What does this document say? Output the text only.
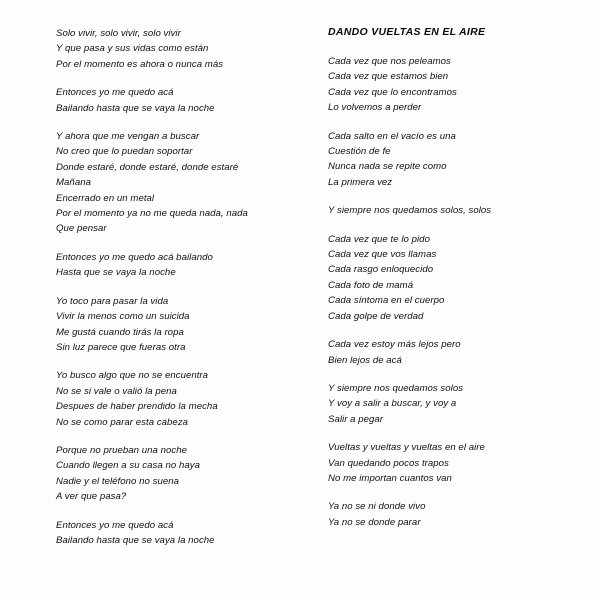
Solo vivir, solo vivir, solo vivir
Y que pasa y sus vidas como están
Por el momento es ahora o nunca más
Entonces yo me quedo acá
Bailando hasta que se vaya la noche
Y ahora que me vengan a buscar
No creo que lo puedan soportar
Donde estaré, donde estaré, donde estaré
Mañana
Encerrado en un metal
Por el momento ya no me queda nada, nada
Que pensar
Entonces yo me quedo acá bailando
Hasta que se vaya la noche
Yo toco para pasar la vida
Vivir la menos como un suicida
Me gustá cuando tirás la ropa
Sin luz parece que fueras otra
Yo busco algo que no se encuentra
No se si vale o valió la pena
Despues de haber prendido la mecha
No se como parar esta cabeza
Porque no prueban una noche
Cuando llegen a su casa no haya
Nadie y el teléfono no suena
A ver que pasa?
Entonces yo me quedo acá
Bailando hasta que se vaya la noche
DANDO VUELTAS EN EL AIRE
Cada vez que nos peleamos
Cada vez que estamos bien
Cada vez que lo encontramos
Lo volvemos a perder
Cada salto en el vacío es una
Cuestión de fe
Nunca nada se repite como
La primera vez
Y siempre nos quedamos solos, solos
Cada vez que te lo pido
Cada vez que vos llamas
Cada rasgo enloquecido
Cada foto de mamá
Cada síntoma en el cuerpo
Cada golpe de verdad
Cada vez estoy más lejos pero
Bien lejos de acá
Y siempre nos quedamos solos
Y voy a salir a buscar, y voy a
Salir a pegar
Vueltas y vueltas y vueltas en el aire
Van quedando pocos trapos
No me importan cuantos van
Ya no se ni donde vivo
Ya no se donde parar
